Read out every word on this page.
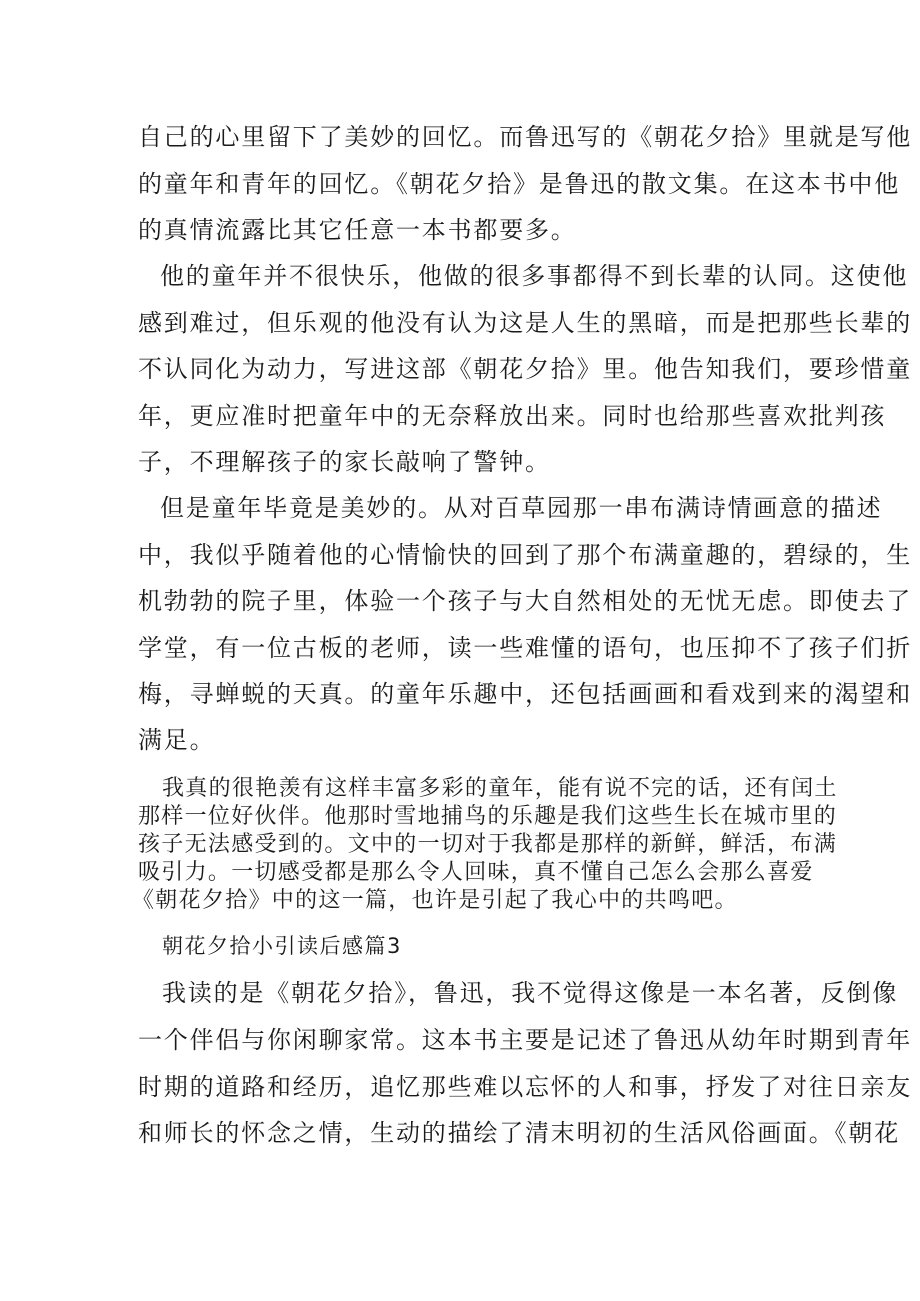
自己的心里留下了美妙的回忆。而鲁迅写的《朝花夕拾》里就是写他
的童年和青年的回忆。《朝花夕拾》是鲁迅的散文集。在这本书中他
的真情流露比其它任意一本书都要多。
他的童年并不很快乐，他做的很多事都得不到长辈的认同。这使他
感到难过，但乐观的他没有认为这是人生的黑暗，而是把那些长辈的
不认同化为动力，写进这部《朝花夕拾》里。他告知我们，要珍惜童
年，更应准时把童年中的无奈释放出来。同时也给那些喜欢批判孩
子，不理解孩子的家长敲响了警钟。
但是童年毕竟是美妙的。从对百草园那一串布满诗情画意的描述
中，我似乎随着他的心情愉快的回到了那个布满童趣的，碧绿的，生
机勃勃的院子里，体验一个孩子与大自然相处的无忧无虑。即使去了
学堂，有一位古板的老师，读一些难懂的语句，也压抑不了孩子们折
梅，寻蝉蜕的天真。的童年乐趣中，还包括画画和看戏到来的渴望和
满足。
我真的很艳羡有这样丰富多彩的童年，能有说不完的话，还有闰土
那样一位好伙伴。他那时雪地捕鸟的乐趣是我们这些生长在城市里的
孩子无法感受到的。文中的一切对于我都是那样的新鲜，鲜活，布满
吸引力。一切感受都是那么令人回味，真不懂自己怎么会那么喜爱
《朝花夕拾》中的这一篇，也许是引起了我心中的共鸣吧。
朝花夕拾小引读后感篇3
我读的是《朝花夕拾》，鲁迅，我不觉得这像是一本名著，反倒像
一个伴侣与你闲聊家常。这本书主要是记述了鲁迅从幼年时期到青年
时期的道路和经历，追忆那些难以忘怀的人和事，抒发了对往日亲友
和师长的怀念之情，生动的描绘了清末明初的生活风俗画面。《朝花
